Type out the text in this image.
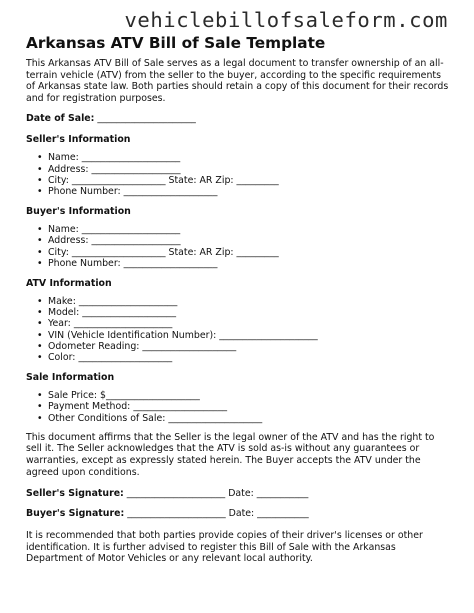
vehiclebillofsaleform.com
Arkansas ATV Bill of Sale Template

This Arkansas ATV Bill of Sale serves as a legal document to transfer ownership of an all-terrain vehicle (ATV) from the seller to the buyer, according to the specific requirements of Arkansas state law. Both parties should retain a copy of this document for their records and for registration purposes.

Date of Sale: _____________________
Seller's Information
• Name: _____________________
• Address: ___________________
• City: ____________________ State: AR Zip: _________
• Phone Number: ____________________
Buyer's Information
• Name: _____________________
• Address: ___________________
• City: ____________________ State: AR Zip: _________
• Phone Number: ____________________
ATV Information
• Make: _____________________
• Model: ____________________
• Year: _____________________
• VIN (Vehicle Identification Number): _____________________
• Odometer Reading: ____________________
• Color: ____________________
Sale Information
• Sale Price: $____________________
• Payment Method: ____________________
• Other Conditions of Sale: ____________________

This document affirms that the Seller is the legal owner of the ATV and has the right to sell it. The Seller acknowledges that the ATV is sold as-is without any guarantees or warranties, except as expressly stated herein. The Buyer accepts the ATV under the agreed upon conditions.

Seller's Signature: _____________________ Date: ___________
Buyer's Signature: _____________________ Date: ___________

It is recommended that both parties provide copies of their driver's licenses or other identification. It is further advised to register this Bill of Sale with the Arkansas Department of Motor Vehicles or any relevant local authority.
